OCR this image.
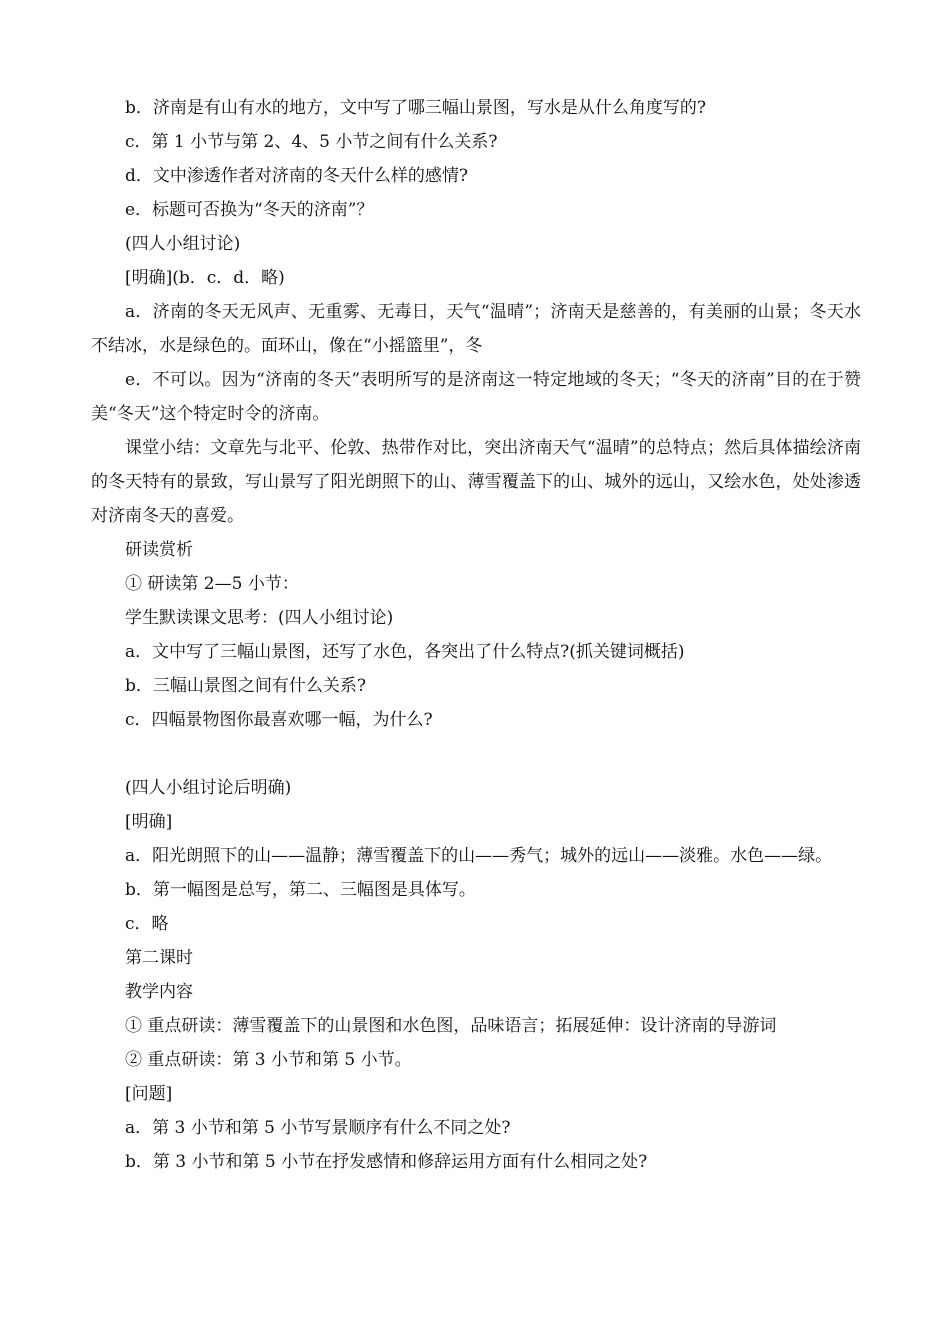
b．济南是有山有水的地方，文中写了哪三幅山景图，写水是从什么角度写的?

c．第 1 小节与第 2、4、5 小节之间有什么关系?

d．文中渗透作者对济南的冬天什么样的感情?

e．标题可否换为“冬天的济南”？

(四人小组讨论)

[明确](b．c．d．略)

a．济南的冬天无风声、无重雾、无毒日，天气“温晴”；济南天是慈善的，有美丽的山景；冬天水不结冰，水是绿色的。面环山，像在“小摇篮里”，冬

e．不可以。因为“济南的冬天”表明所写的是济南这一特定地域的冬天；“冬天的济南”目的在于赞美“冬天”这个特定时令的济南。

课堂小结：文章先与北平、伦敦、热带作对比，突出济南天气“温晴”的总特点；然后具体描绘济南的冬天特有的景致，写山景写了阳光朗照下的山、薄雪覆盖下的山、城外的远山，又绘水色，处处渗透对济南冬天的喜爱。

研读赏析

① 研读第 2—5 小节：

学生默读课文思考：(四人小组讨论)

a．文中写了三幅山景图，还写了水色，各突出了什么特点?(抓关键词概括)

b．三幅山景图之间有什么关系?

c．四幅景物图你最喜欢哪一幅，为什么?

(四人小组讨论后明确)

[明确]

a．阳光朗照下的山——温静；薄雪覆盖下的山——秀气；城外的远山——淡雅。水色——绿。

b．第一幅图是总写，第二、三幅图是具体写。

c．略

第二课时

教学内容

① 重点研读：薄雪覆盖下的山景图和水色图，品味语言；拓展延伸：设计济南的导游词

② 重点研读：第 3 小节和第 5 小节。

[问题]

a．第 3 小节和第 5 小节写景顺序有什么不同之处?

b．第 3 小节和第 5 小节在抒发感情和修辞运用方面有什么相同之处?
